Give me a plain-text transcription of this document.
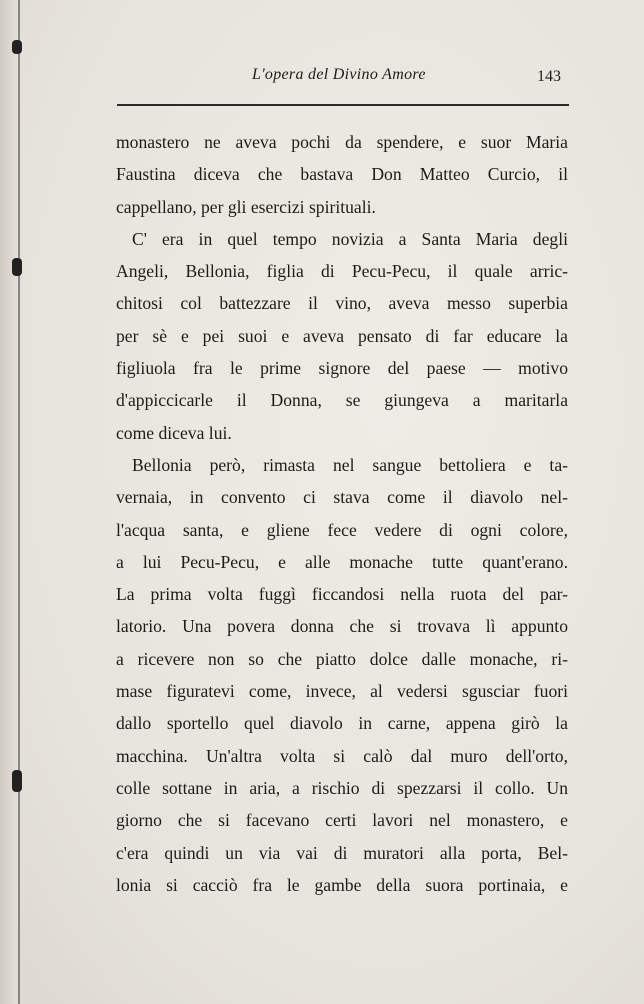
L'opera del Divino Amore	143
monastero ne aveva pochi da spendere, e suor Maria
Faustina diceva che bastava Don Matteo Curcio, il
cappellano, per gli esercizi spirituali.
C' era in quel tempo novizia a Santa Maria degli
Angeli, Bellonia, figlia di Pecu-Pecu, il quale arric-
chitosi col battezzare il vino, aveva messo superbia
per sè e pei suoi e aveva pensato di far educare la
figliuola fra le prime signore del paese — motivo
d'appiccicarle il Donna, se giungeva a maritarla
come diceva lui.
Bellonia però, rimasta nel sangue bettoliera e ta-
vernaia, in convento ci stava come il diavolo nel-
l'acqua santa, e gliene fece vedere di ogni colore,
a lui Pecu-Pecu, e alle monache tutte quant'erano.
La prima volta fuggì ficcandosi nella ruota del par-
latorio. Una povera donna che si trovava lì appunto
a ricevere non so che piatto dolce dalle monache, ri-
mase figuratevi come, invece, al vedersi sgusciar fuori
dallo sportello quel diavolo in carne, appena girò la
macchina. Un'altra volta si calò dal muro dell'orto,
colle sottane in aria, a rischio di spezzarsi il collo. Un
giorno che si facevano certi lavori nel monastero, e
c'era quindi un via vai di muratori alla porta, Bel-
lonia si cacciò fra le gambe della suora portinaia, e
